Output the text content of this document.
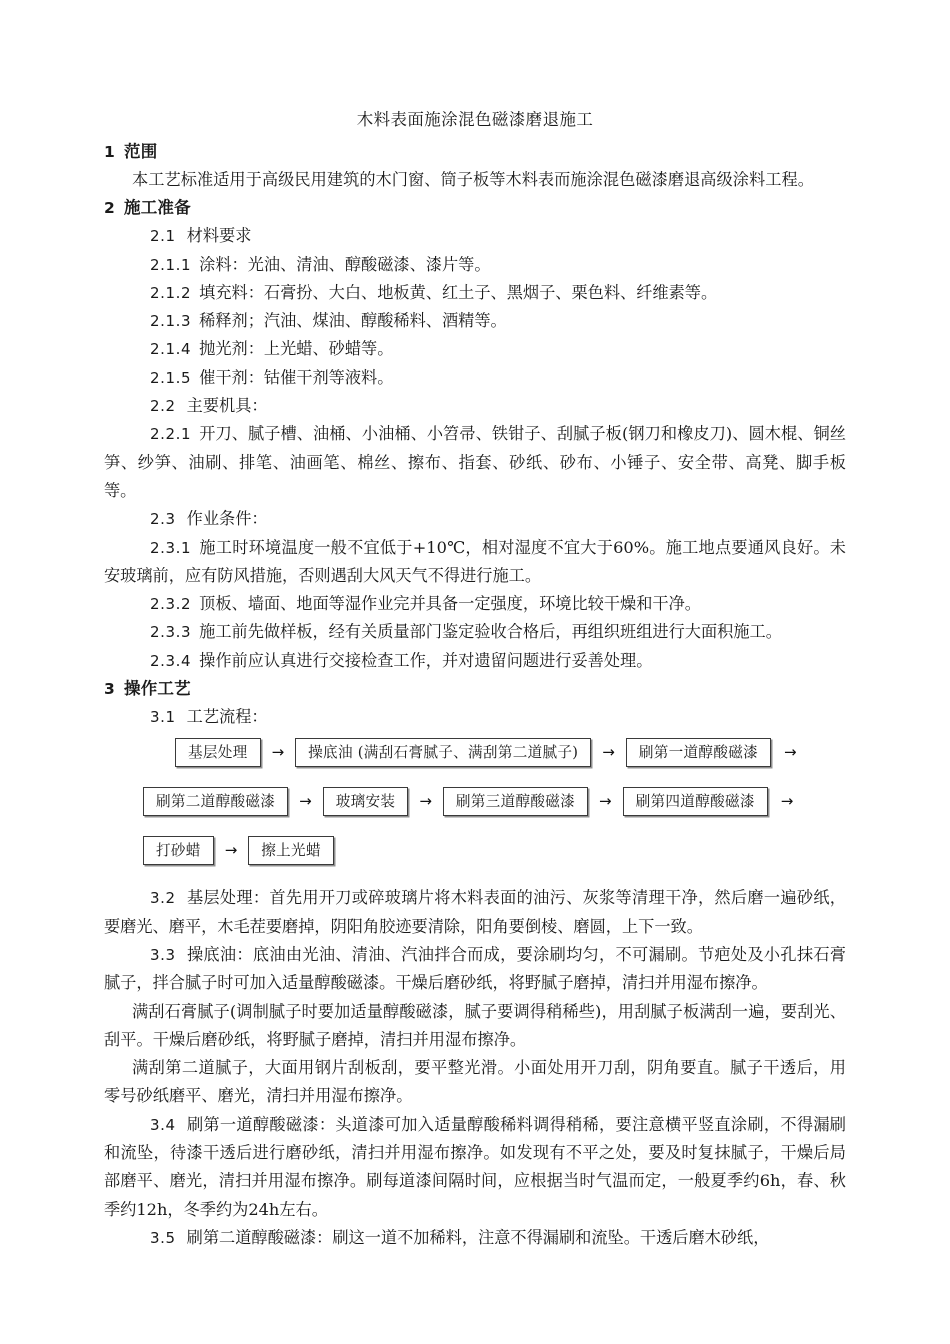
木料表面施涂混色磁漆磨退施工
1 范围
本工艺标准适用于高级民用建筑的木门窗、筒子板等木料表而施涂混色磁漆磨退高级涂料工程。
2 施工准备
2.1 材料要求
2.1.1 涂料：光油、清油、醇酸磁漆、漆片等。
2.1.2 填充料：石膏扮、大白、地板黄、红土子、黑烟子、栗色料、纤维素等。
2.1.3 稀释剂；汽油、煤油、醇酸稀料、酒精等。
2.1.4 抛光剂：上光蜡、砂蜡等。
2.1.5 催干剂：钴催干剂等液料。
2.2 主要机具：
2.2.1 开刀、腻子槽、油桶、小油桶、小笤帚、铁钳子、刮腻子板(钢刀和橡皮刀)、圆木棍、铜丝笋、纱笋、油刷、排笔、油画笔、棉丝、擦布、指套、砂纸、砂布、小锤子、安全带、高凳、脚手板等。
2.3 作业条件：
2.3.1 施工时环境温度一般不宜低于+10℃，相对湿度不宜大于60%。施工地点要通风良好。未安玻璃前，应有防风措施，否则遇刮大风天气不得进行施工。
2.3.2 顶板、墙面、地面等湿作业完并具备一定强度，环境比较干燥和干净。
2.3.3 施工前先做样板，经有关质量部门鉴定验收合格后，再组织班组进行大面积施工。
2.3.4 操作前应认真进行交接检查工作，并对遗留问题进行妥善处理。
3 操作工艺
3.1 工艺流程：
基层处理	→	操底油 (满刮石膏腻子、满刮第二道腻子)	→	刷第一道醇酸磁漆	→
刷第二道醇酸磁漆	→	玻璃安装	→	刷第三道醇酸磁漆	→	刷第四道醇酸磁漆	→
打砂蜡	→	擦上光蜡
3.2 基层处理：首先用开刀或碎玻璃片将木料表面的油污、灰浆等清理干净，然后磨一遍砂纸，要磨光、磨平，木毛茬要磨掉，阴阳角胶迹要清除，阳角要倒棱、磨圆，上下一致。
3.3 操底油：底油由光油、清油、汽油拌合而成，要涂刷均匀，不可漏刷。节疤处及小孔抹石膏腻子，拌合腻子时可加入适量醇酸磁漆。干燥后磨砂纸，将野腻子磨掉，清扫并用湿布擦净。
满刮石膏腻子(调制腻子时要加适量醇酸磁漆，腻子要调得稍稀些)，用刮腻子板满刮一遍，要刮光、刮平。干燥后磨砂纸，将野腻子磨掉，清扫并用湿布擦净。
满刮第二道腻子，大面用钢片刮板刮，要平整光滑。小面处用开刀刮，阴角要直。腻子干透后，用零号砂纸磨平、磨光，清扫并用湿布擦净。
3.4 刷第一道醇酸磁漆：头道漆可加入适量醇酸稀料调得稍稀，要注意横平竖直涂刷，不得漏刷和流坠，待漆干透后进行磨砂纸，清扫并用湿布擦净。如发现有不平之处，要及时复抹腻子，干燥后局部磨平、磨光，清扫并用湿布擦净。刷每道漆间隔时间，应根据当时气温而定，一般夏季约6h，春、秋季约12h，冬季约为24h左右。
3.5 刷第二道醇酸磁漆：刷这一道不加稀料，注意不得漏刷和流坠。干透后磨木砂纸，
